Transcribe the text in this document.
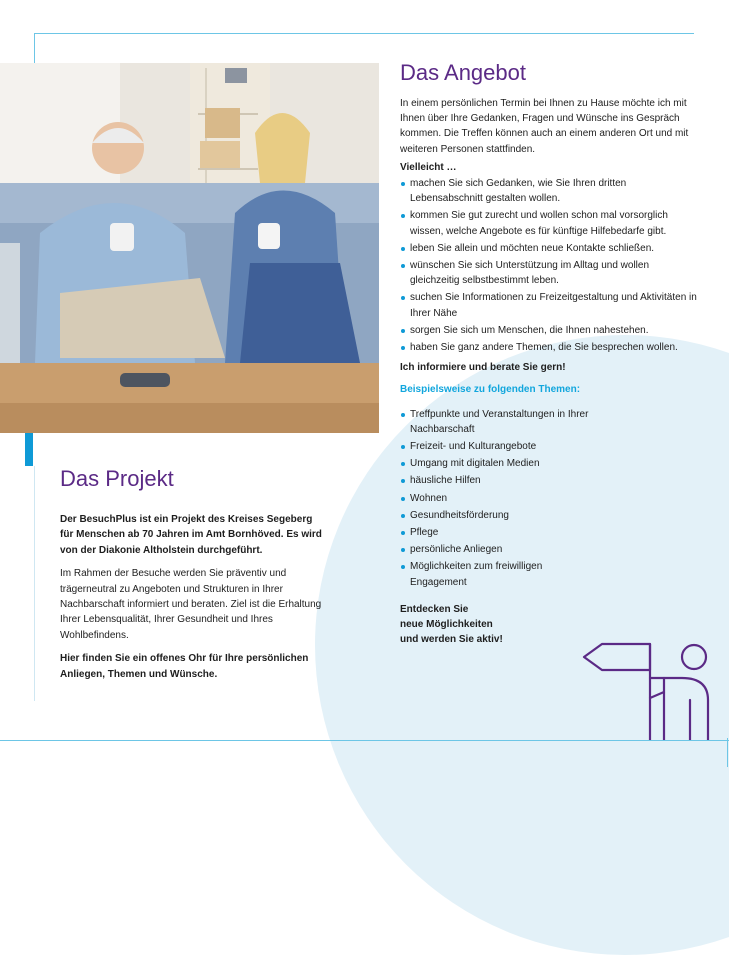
Das Angebot

In einem persönlichen Termin bei Ihnen zu Hause möchte ich mit Ihnen über Ihre Gedanken, Fragen und Wünsche ins Gespräch kommen. Die Treffen können auch an einem anderen Ort und mit weiteren Personen stattfinden.

Vielleicht …

machen Sie sich Gedanken, wie Sie Ihren dritten Lebensabschnitt gestalten wollen.
kommen Sie gut zurecht und wollen schon mal vorsorglich wissen, welche Angebote es für künftige Hilfebedarfe gibt.
leben Sie allein und möchten neue Kontakte schließen.
wünschen Sie sich Unterstützung im Alltag und wollen gleichzeitig selbstbestimmt leben.
suchen Sie Informationen zu Freizeitgestaltung und Aktivitäten in Ihrer Nähe
sorgen Sie sich um Menschen, die Ihnen nahestehen.
haben Sie ganz andere Themen, die Sie besprechen wollen.

Ich informiere und berate Sie gern!

Beispielsweise zu folgenden Themen:

Treffpunkte und Veranstaltungen in Ihrer Nachbarschaft
Freizeit- und Kulturangebote
Umgang mit digitalen Medien
häusliche Hilfen
Wohnen
Gesundheitsförderung
Pflege
persönliche Anliegen
Möglichkeiten zum freiwilligen Engagement

Entdecken Sie
neue Möglichkeiten
und werden Sie aktiv!

Das Projekt

Der BesuchPlus ist ein Projekt des Kreises Segeberg für Menschen ab 70 Jahren im Amt Bornhöved. Es wird von der Diakonie Altholstein durchgeführt.

Im Rahmen der Besuche werden Sie präventiv und trägerneutral zu Angeboten und Strukturen in Ihrer Nachbarschaft informiert und beraten. Ziel ist die Erhaltung Ihrer Lebensqualität, Ihrer Gesundheit und Ihres Wohlbefindens.

Hier finden Sie ein offenes Ohr für Ihre persönlichen Anliegen, Themen und Wünsche.
